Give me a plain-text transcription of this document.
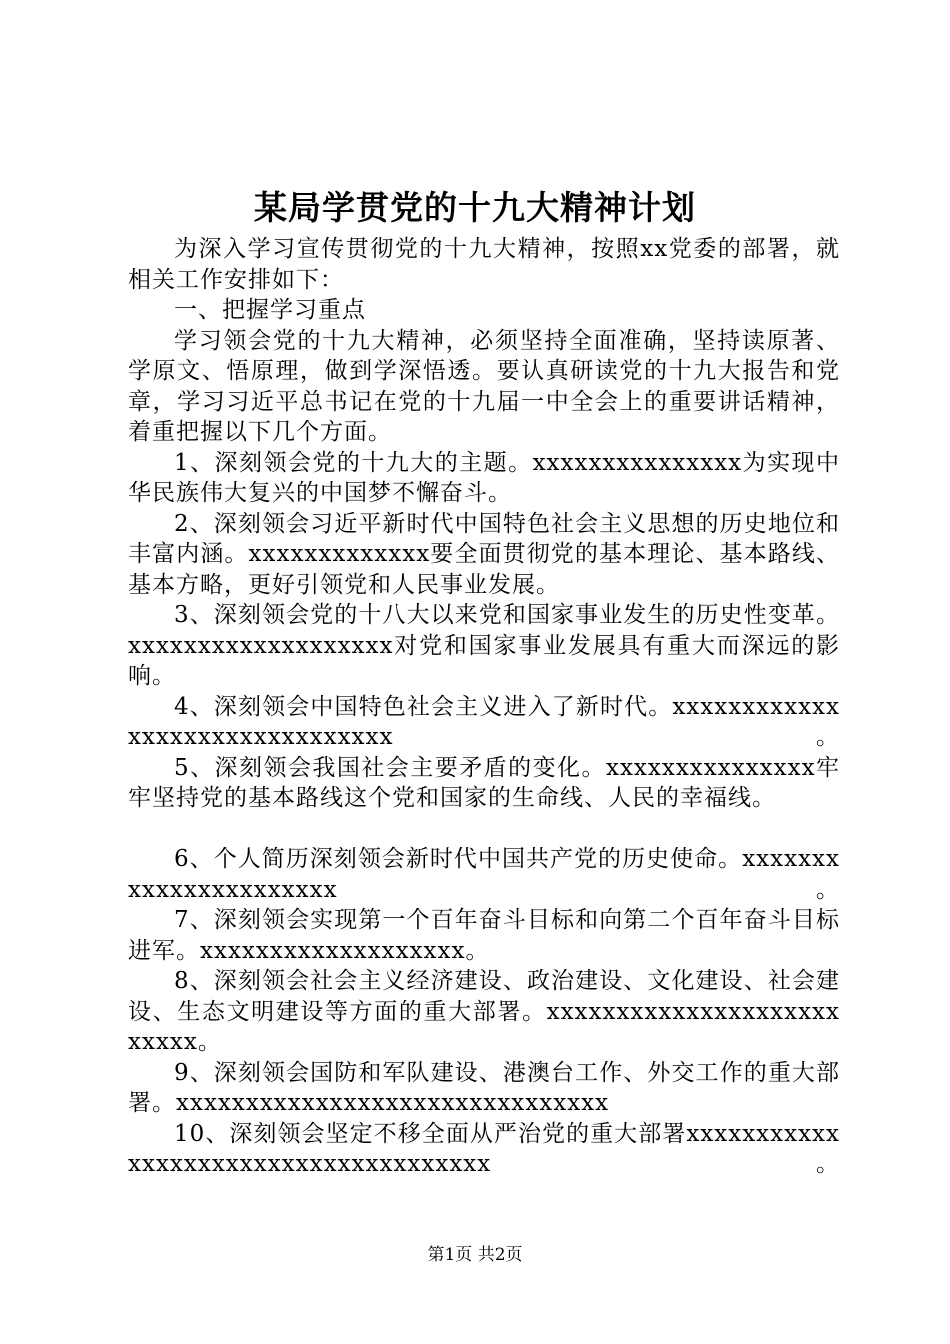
某局学贯党的十九大精神计划

为深入学习宣传贯彻党的十九大精神，按照xx党委的部署，就相关工作安排如下：

一、把握学习重点

学习领会党的十九大精神，必须坚持全面准确，坚持读原著、学原文、悟原理，做到学深悟透。要认真研读党的十九大报告和党章，学习习近平总书记在党的十九届一中全会上的重要讲话精神，着重把握以下几个方面。

1、深刻领会党的十九大的主题。xxxxxxxxxxxxxxx为实现中华民族伟大复兴的中国梦不懈奋斗。

2、深刻领会习近平新时代中国特色社会主义思想的历史地位和丰富内涵。xxxxxxxxxxxxx要全面贯彻党的基本理论、基本路线、基本方略，更好引领党和人民事业发展。

3、深刻领会党的十八大以来党和国家事业发生的历史性变革。xxxxxxxxxxxxxxxxxxx对党和国家事业发展具有重大而深远的影响。

4、深刻领会中国特色社会主义进入了新时代。xxxxxxxxxxxxxxxxxxxxxxxxxxxxxxx。

5、深刻领会我国社会主要矛盾的变化。xxxxxxxxxxxxxxx牢牢坚持党的基本路线这个党和国家的生命线、人民的幸福线。

6、个人简历深刻领会新时代中国共产党的历史使命。xxxxxxxxxxxxxxxxxxxxxx。

7、深刻领会实现第一个百年奋斗目标和向第二个百年奋斗目标进军。xxxxxxxxxxxxxxxxxxx。

8、深刻领会社会主义经济建设、政治建设、文化建设、社会建设、生态文明建设等方面的重大部署。xxxxxxxxxxxxxxxxxxxxxxxxxx。

9、深刻领会国防和军队建设、港澳台工作、外交工作的重大部署。xxxxxxxxxxxxxxxxxxxxxxxxxxxxxxx

10、深刻领会坚定不移全面从严治党的重大部署xxxxxxxxxxxxxxxxxxxxxxxxxxxxxxxxxxxxx。

第1页 共2页
